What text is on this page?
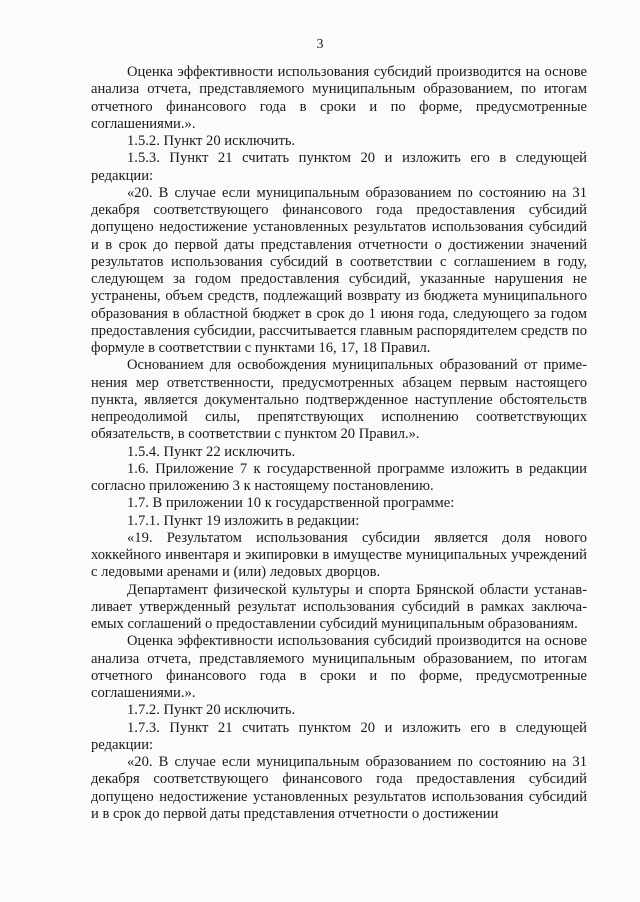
3

Оценка эффективности использования субсидий производится на основе анализа отчета, представляемого муниципальным образованием, по итогам отчетного финансового года в сроки и по форме, предусмотренные соглашениями.».

1.5.2. Пункт 20 исключить.

1.5.3. Пункт 21 считать пунктом 20 и изложить его в следующей редакции:

«20. В случае если муниципальным образованием по состоянию на 31 декабря соответствующего финансового года предоставления субсидий допущено недостижение установленных результатов использования субсидий и в срок до первой даты представления отчетности о достижении значений результатов использования субсидий в соответствии с соглашением в году, следующем за годом предоставления субсидий, указанные нарушения не устранены, объем средств, подлежащий возврату из бюджета муниципального образования в областной бюджет в срок до 1 июня года, следующего за годом предоставления субсидии, рассчитывается главным распорядителем средств по формуле в соответствии с пунктами 16, 17, 18 Правил.

Основанием для освобождения муниципальных образований от применения мер ответственности, предусмотренных абзацем первым настоящего пункта, является документально подтвержденное наступление обстоятельств непреодолимой силы, препятствующих исполнению соответствующих обязательств, в соответствии с пунктом 20 Правил.».

1.5.4. Пункт 22 исключить.

1.6. Приложение 7 к государственной программе изложить в редакции согласно приложению 3 к настоящему постановлению.

1.7. В приложении 10 к государственной программе:

1.7.1. Пункт 19 изложить в редакции:

«19. Результатом использования субсидии является доля нового хоккейного инвентаря и экипировки в имуществе муниципальных учреждений с ледовыми аренами и (или) ледовых дворцов.

Департамент физической культуры и спорта Брянской области устанавливает утвержденный результат использования субсидий в рамках заключаемых соглашений о предоставлении субсидий муниципальным образованиям.

Оценка эффективности использования субсидий производится на основе анализа отчета, представляемого муниципальным образованием, по итогам отчетного финансового года в сроки и по форме, предусмотренные соглашениями.».

1.7.2. Пункт 20 исключить.

1.7.3. Пункт 21 считать пунктом 20 и изложить его в следующей редакции:

«20. В случае если муниципальным образованием по состоянию на 31 декабря соответствующего финансового года предоставления субсидий допущено недостижение установленных результатов использования субсидий и в срок до первой даты представления отчетности о достижении
